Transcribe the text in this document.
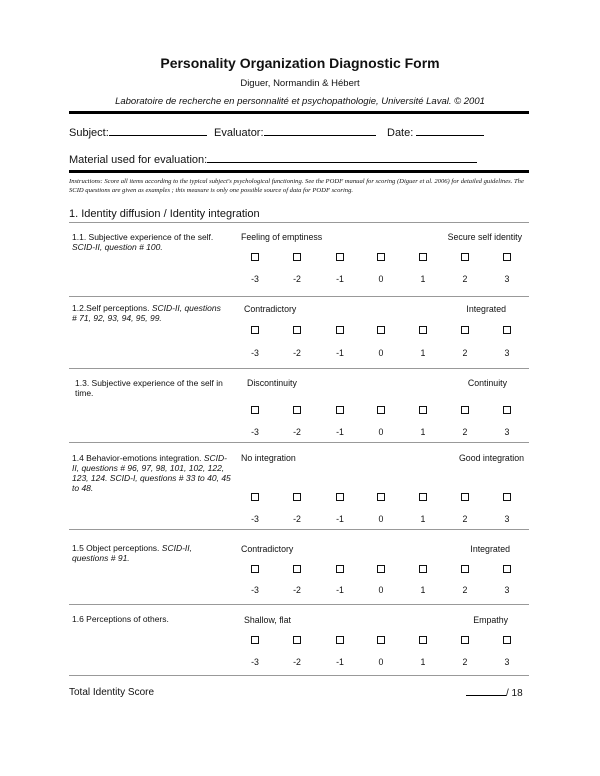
Personality Organization Diagnostic Form
Diguer, Normandin & Hébert
Laboratoire de recherche en personnalité et psychopathologie, Université Laval. © 2001
Subject:	Evaluator:	Date:
Material used for evaluation:
Instructions: Score all items according to the typical subject's psychological functioning. See the PODF manual for scoring (Diguer et al. 2006) for detailed guidelines. The SCID questions are given as examples ; this measure is only one possible source of data for PODF scoring.
1. Identity diffusion / Identity integration
1.1. Subjective experience of the self. SCID-II, question # 100.
Feeling of emptiness	Secure self identity
-3	-2	-1	0	1	2	3
1.2.Self perceptions. SCID-II, questions # 71, 92, 93, 94, 95, 99.
Contradictory	Integrated
-3	-2	-1	0	1	2	3
1.3. Subjective experience of the self in time.
Discontinuity	Continuity
-3	-2	-1	0	1	2	3
1.4 Behavior-emotions integration. SCID-II, questions # 96, 97, 98, 101, 102, 122, 123, 124. SCID-I, questions # 33 to 40, 45 to 48.
No integration	Good integration
-3	-2	-1	0	1	2	3
1.5 Object perceptions. SCID-II, questions # 91.
Contradictory	Integrated
-3	-2	-1	0	1	2	3
1.6 Perceptions of others.	Shallow, flat	Empathy
-3	-2	-1	0	1	2	3
Total Identity Score	/ 18
